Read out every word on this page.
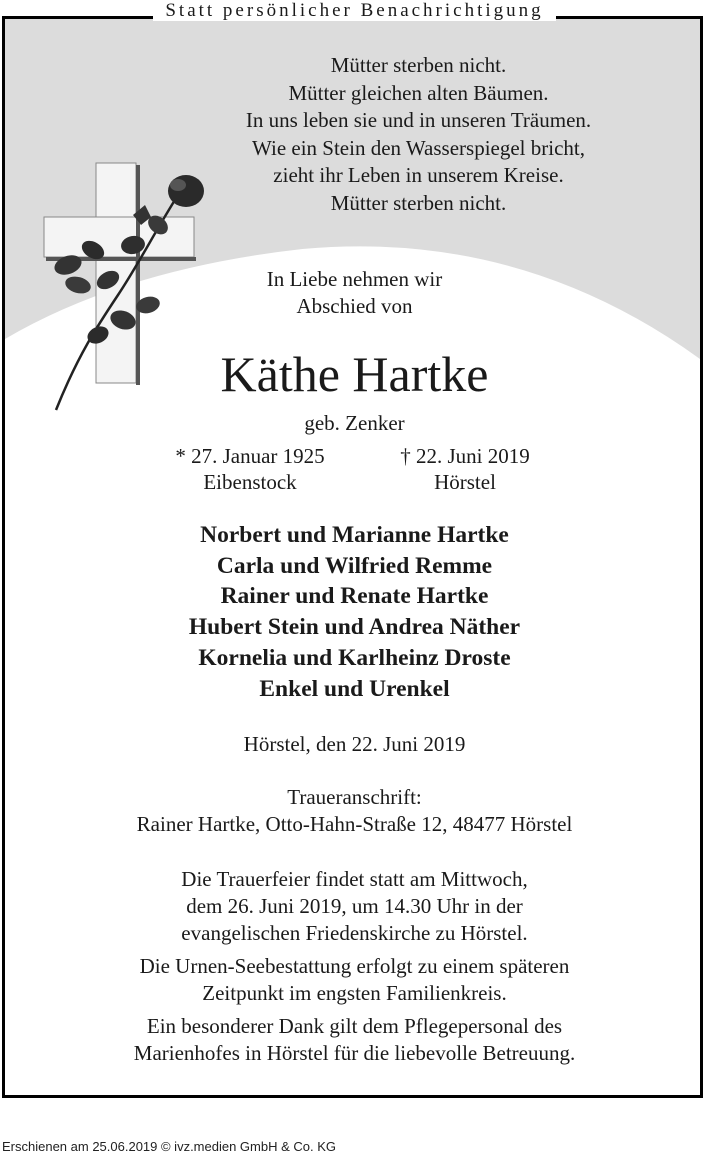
Statt persönlicher Benachrichtigung
Mütter sterben nicht.
Mütter gleichen alten Bäumen.
In uns leben sie und in unseren Träumen.
Wie ein Stein den Wasserspiegel bricht,
zieht ihr Leben in unserem Kreise.
Mütter sterben nicht.
In Liebe nehmen wir
Abschied von
Käthe Hartke
geb. Zenker
* 27. Januar 1925
Eibenstock
† 22. Juni 2019
Hörstel
Norbert und Marianne Hartke
Carla und Wilfried Remme
Rainer und Renate Hartke
Hubert Stein und Andrea Näther
Kornelia und Karlheinz Droste
Enkel und Urenkel
Hörstel, den 22. Juni 2019
Traueranschrift:
Rainer Hartke, Otto-Hahn-Straße 12, 48477 Hörstel
Die Trauerfeier findet statt am Mittwoch,
dem 26. Juni 2019, um 14.30 Uhr in der
evangelischen Friedenskirche zu Hörstel.
Die Urnen-Seebestattung erfolgt zu einem späteren
Zeitpunkt im engsten Familienkreis.
Ein besonderer Dank gilt dem Pflegepersonal des
Marienhofes in Hörstel für die liebevolle Betreuung.
Erschienen am 25.06.2019 © ivz.medien GmbH & Co. KG
